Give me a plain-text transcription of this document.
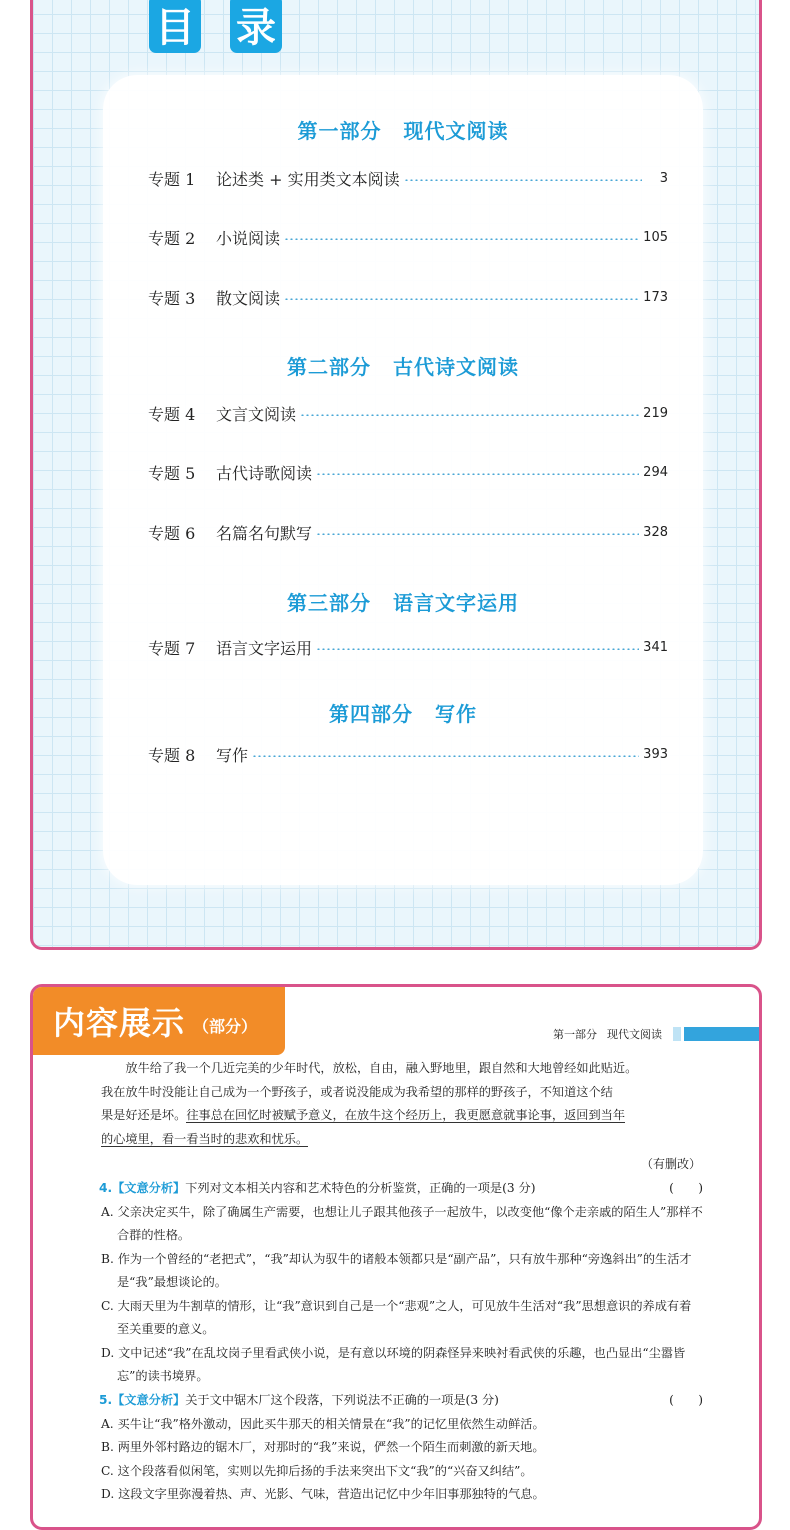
目 录
第一部分 现代文阅读
专题 1	论述类 + 实用类文本阅读	3
专题 2	小说阅读	105
专题 3	散文阅读	173
第二部分 古代诗文阅读
专题 4	文言文阅读	219
专题 5	古代诗歌阅读	294
专题 6	名篇名句默写	328
第三部分 语言文字运用
专题 7	语言文字运用	341
第四部分 写作
专题 8	写作	393
内容展示 （部分）	第一部分 现代文阅读

放牛给了我一个几近完美的少年时代，放松，自由，融入野地里，跟自然和大地曾经如此贴近。

我在放牛时没能让自己成为一个野孩子，或者说没能成为我希望的那样的野孩子，不知道这个结

果是好还是坏。往事总在回忆时被赋予意义，在放牛这个经历上，我更愿意就事论事，返回到当年

的心境里，看一看当时的悲欢和忧乐。

（有删改）
4. 【文意分析】 下列对文本相关内容和艺术特色的分析鉴赏，正确的一项是(3 分)	(　　)
A. 父亲决定买牛，除了确属生产需要，也想让儿子跟其他孩子一起放牛，以改变他“像个走亲戚的陌生人”那样不合群的性格。
B. 作为一个曾经的“老把式”，“我”却认为驭牛的诸般本领都只是“副产品”，只有放牛那种“旁逸斜出”的生活才是“我”最想谈论的。
C. 大雨天里为牛割草的情形，让“我”意识到自己是一个“悲观”之人，可见放牛生活对“我”思想意识的养成有着至关重要的意义。
D. 文中记述“我”在乱坟岗子里看武侠小说，是有意以环境的阴森怪异来映衬看武侠的乐趣，也凸显出“尘嚣皆忘”的读书境界。
5. 【文意分析】 关于文中锯木厂这个段落，下列说法不正确的一项是(3 分)	(　　)
A. 买牛让“我”格外激动，因此买牛那天的相关情景在“我”的记忆里依然生动鲜活。
B. 两里外邻村路边的锯木厂，对那时的“我”来说，俨然一个陌生而刺激的新天地。
C. 这个段落看似闲笔，实则以先抑后扬的手法来突出下文“我”的“兴奋又纠结”。
D. 这段文字里弥漫着热、声、光影、气味，营造出记忆中少年旧事那独特的气息。
